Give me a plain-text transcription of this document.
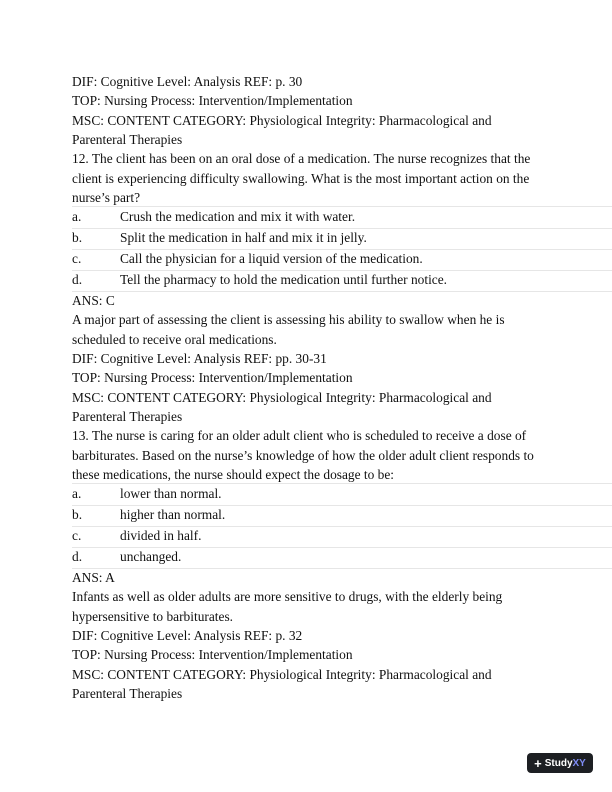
DIF: Cognitive Level: Analysis REF: p. 30
TOP: Nursing Process: Intervention/Implementation
MSC: CONTENT CATEGORY: Physiological Integrity: Pharmacological and
Parenteral Therapies
12. The client has been on an oral dose of a medication. The nurse recognizes that the
client is experiencing difficulty swallowing. What is the most important action on the
nurse’s part?
a.	Crush the medication and mix it with water.
b.	Split the medication in half and mix it in jelly.
c.	Call the physician for a liquid version of the medication.
d.	Tell the pharmacy to hold the medication until further notice.
ANS: C
A major part of assessing the client is assessing his ability to swallow when he is
scheduled to receive oral medications.
DIF: Cognitive Level: Analysis REF: pp. 30-31
TOP: Nursing Process: Intervention/Implementation
MSC: CONTENT CATEGORY: Physiological Integrity: Pharmacological and
Parenteral Therapies
13. The nurse is caring for an older adult client who is scheduled to receive a dose of
barbiturates. Based on the nurse’s knowledge of how the older adult client responds to
these medications, the nurse should expect the dosage to be:
a.	lower than normal.
b.	higher than normal.
c.	divided in half.
d.	unchanged.
ANS: A
Infants as well as older adults are more sensitive to drugs, with the elderly being
hypersensitive to barbiturates.
DIF: Cognitive Level: Analysis REF: p. 32
TOP: Nursing Process: Intervention/Implementation
MSC: CONTENT CATEGORY: Physiological Integrity: Pharmacological and
Parenteral Therapies
+ StudyXY
